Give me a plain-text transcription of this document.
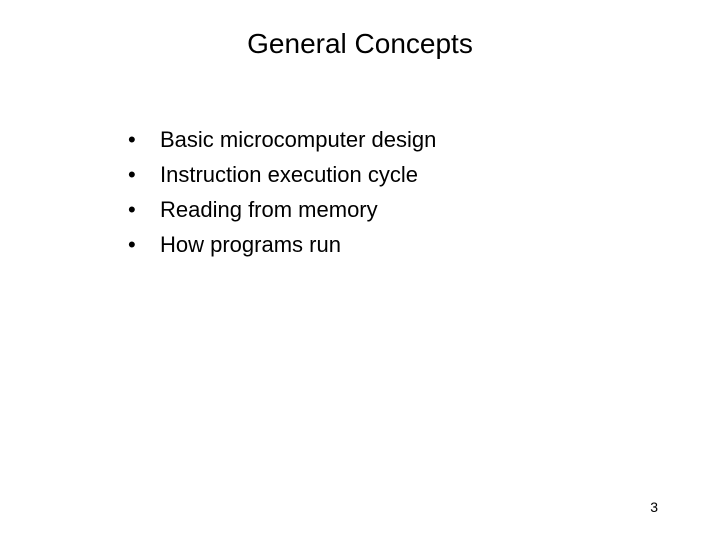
General Concepts
•	Basic microcomputer design
•	Instruction execution cycle
•	Reading from memory
•	How programs run
3
